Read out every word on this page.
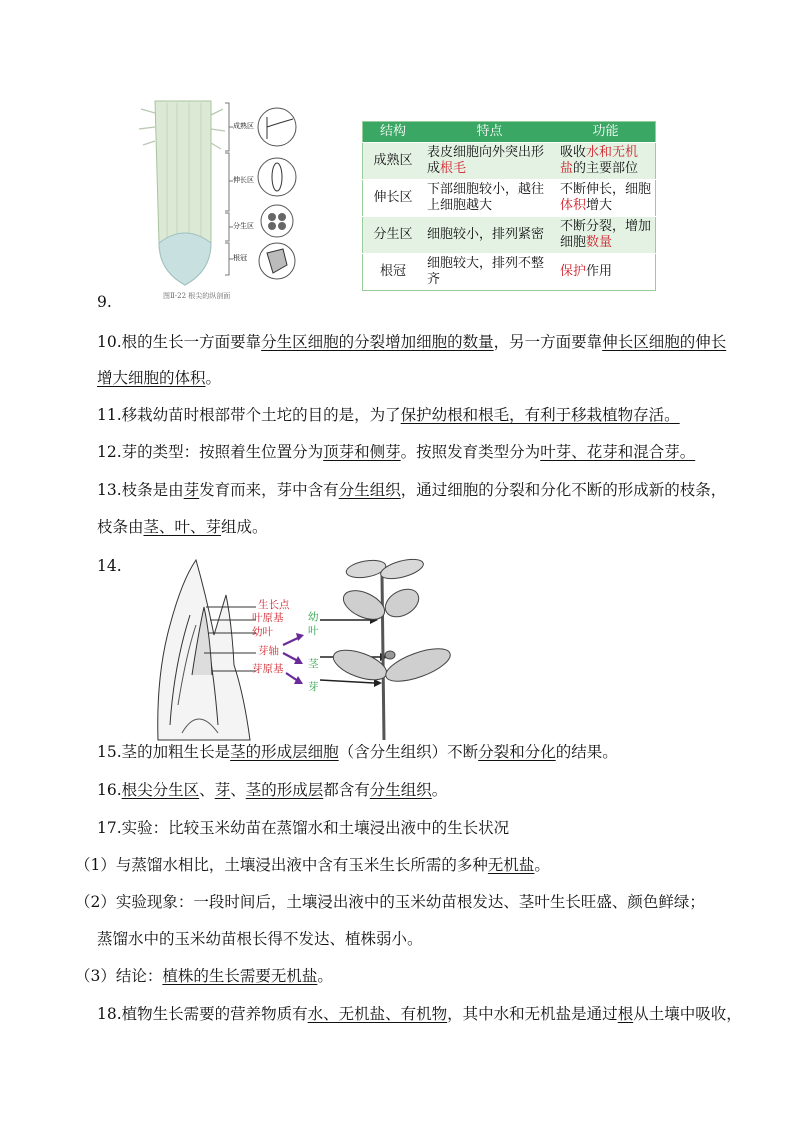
9.
成熟区
伸长区
分生区
根冠
图Ⅱ-22 根尖的纵剖面
结构	特点	功能
成熟区	表皮细胞向外突出形成根毛	吸收水和无机盐的主要部位
伸长区	下部细胞较小，越往上细胞越大	不断伸长，细胞体积增大
分生区	细胞较小，排列紧密	不断分裂，增加细胞数量
根冠	细胞较大，排列不整齐	保护作用
10.根的生长一方面要靠分生区细胞的分裂增加细胞的数量，另一方面要靠伸长区细胞的伸长
增大细胞的体积。
11.移栽幼苗时根部带个土坨的目的是，为了保护幼根和根毛，有利于移栽植物存活。
12.芽的类型：按照着生位置分为顶芽和侧芽。按照发育类型分为叶芽、花芽和混合芽。
13.枝条是由芽发育而来，芽中含有分生组织，通过细胞的分裂和分化不断的形成新的枝条，
枝条由茎、叶、芽组成。
14.
生长点
叶原基
幼叶
芽轴
芽原基
幼
叶
茎
芽
15.茎的加粗生长是茎的形成层细胞（含分生组织）不断分裂和分化的结果。
16.根尖分生区、芽、茎的形成层都含有分生组织。
17.实验：比较玉米幼苗在蒸馏水和土壤浸出液中的生长状况
（1）与蒸馏水相比，土壤浸出液中含有玉米生长所需的多种无机盐。
（2）实验现象：一段时间后，土壤浸出液中的玉米幼苗根发达、茎叶生长旺盛、颜色鲜绿；
蒸馏水中的玉米幼苗根长得不发达、植株弱小。
（3）结论：植株的生长需要无机盐。
18.植物生长需要的营养物质有水、无机盐、有机物，其中水和无机盐是通过根从土壤中吸收，
